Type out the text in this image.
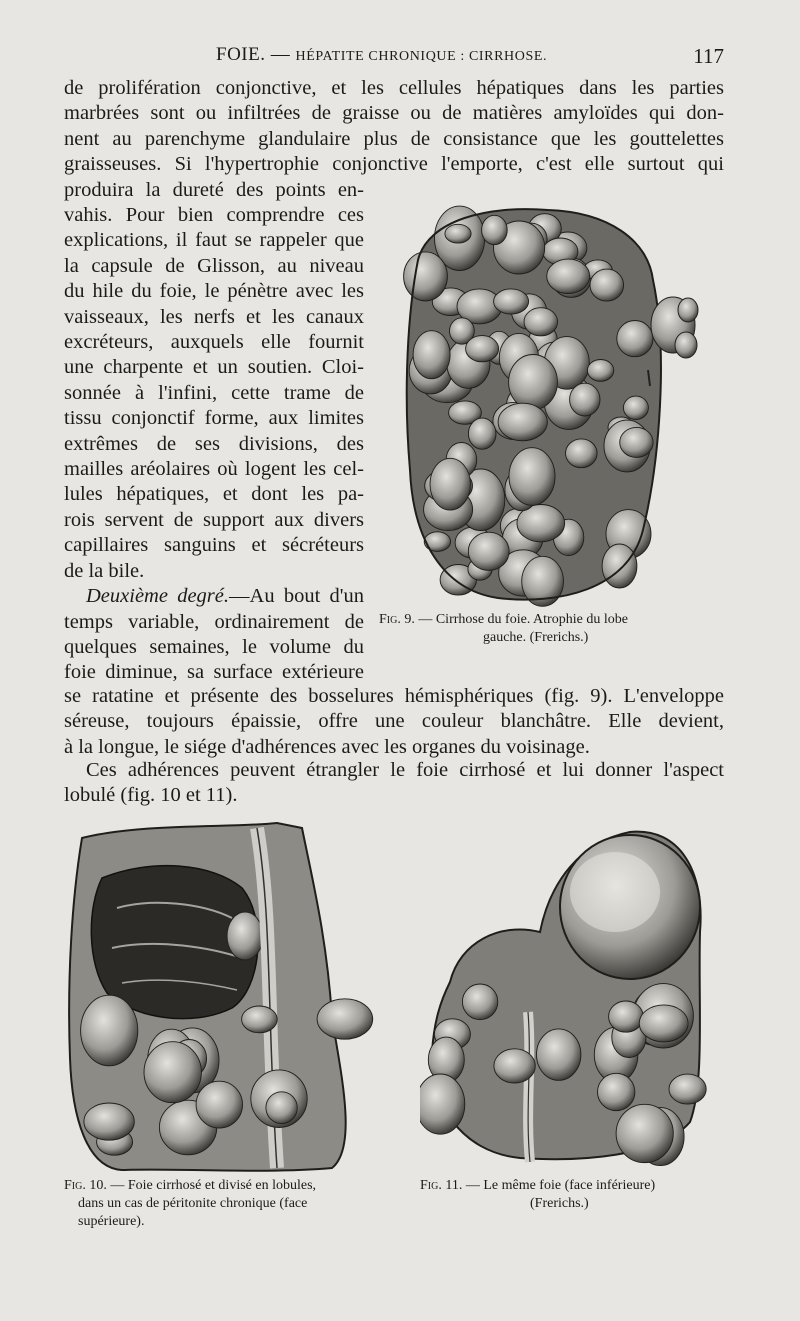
FOIE. — HÉPATITE CHRONIQUE : CIRRHOSE.	117
de prolifération conjonctive, et les cellules hépatiques dans les parties
marbrées sont ou infiltrées de graisse ou de matières amyloïdes qui don-
nent au parenchyme glandulaire plus de consistance que les gouttelettes
graisseuses. Si l'hypertrophie conjonctive l'emporte, c'est elle surtout qui
produira la dureté des points en-
vahis. Pour bien comprendre ces
explications, il faut se rappeler que
la capsule de Glisson, au niveau
du hile du foie, le pénètre avec les
vaisseaux, les nerfs et les canaux
excréteurs, auxquels elle fournit
une charpente et un soutien. Cloi-
sonnée à l'infini, cette trame de
tissu conjonctif forme, aux limites
extrêmes de ses divisions, des
mailles aréolaires où logent les cel-
lules hépatiques, et dont les pa-
rois servent de support aux divers
capillaires sanguins et sécréteurs
de la bile.
Deuxième degré.—Au bout d'un
temps variable, ordinairement de
quelques semaines, le volume du
foie diminue, sa surface extérieure
se ratatine et présente des bosselures hémisphériques (fig. 9). L'enveloppe
séreuse, toujours épaissie, offre une couleur blanchâtre. Elle devient,
à la longue, le siége d'adhérences avec les organes du voisinage.
Ces adhérences peuvent étrangler le foie cirrhosé et lui donner l'aspect
lobulé (fig. 10 et 11).
Fig. 9. — Cirrhose du foie. Atrophie du lobe
gauche. (Frerichs.)
Fig. 10. — Foie cirrhosé et divisé en lobules,
dans un cas de péritonite chronique (face
supérieure).
Fig. 11. — Le même foie (face inférieure)
(Frerichs.)
